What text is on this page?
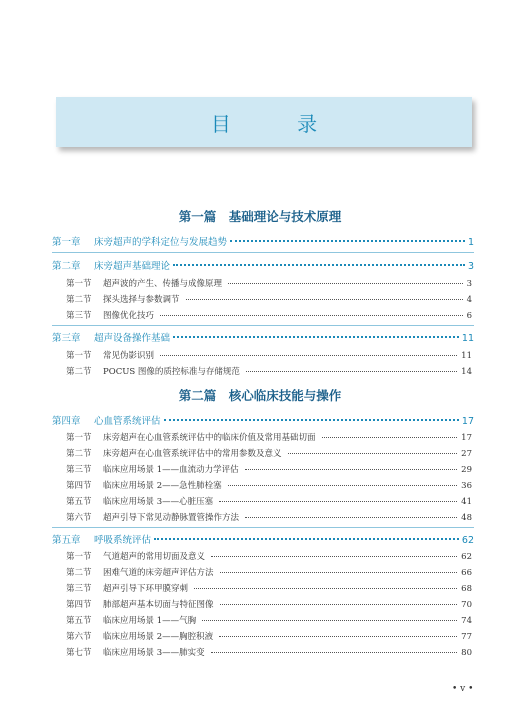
目 录
第一篇　基础理论与技术原理
第一章	床旁超声的学科定位与发展趋势	1
第二章	床旁超声基础理论	3
第一节	超声波的产生、传播与成像原理	3
第二节	探头选择与参数调节	4
第三节	图像优化技巧	6
第三章	超声设备操作基础	11
第一节	常见伪影识别	11
第二节	POCUS 图像的质控标准与存储规范	14
第二篇　核心临床技能与操作
第四章	心血管系统评估	17
第一节	床旁超声在心血管系统评估中的临床价值及常用基础切面	17
第二节	床旁超声在心血管系统评估中的常用参数及意义	27
第三节	临床应用场景 1——血流动力学评估	29
第四节	临床应用场景 2——急性肺栓塞	36
第五节	临床应用场景 3——心脏压塞	41
第六节	超声引导下常见动静脉置管操作方法	48
第五章	呼吸系统评估	62
第一节	气道超声的常用切面及意义	62
第二节	困难气道的床旁超声评估方法	66
第三节	超声引导下环甲膜穿刺	68
第四节	肺部超声基本切面与特征图像	70
第五节	临床应用场景 1——气胸	74
第六节	临床应用场景 2——胸腔积液	77
第七节	临床应用场景 3——肺实变	80
• v •
